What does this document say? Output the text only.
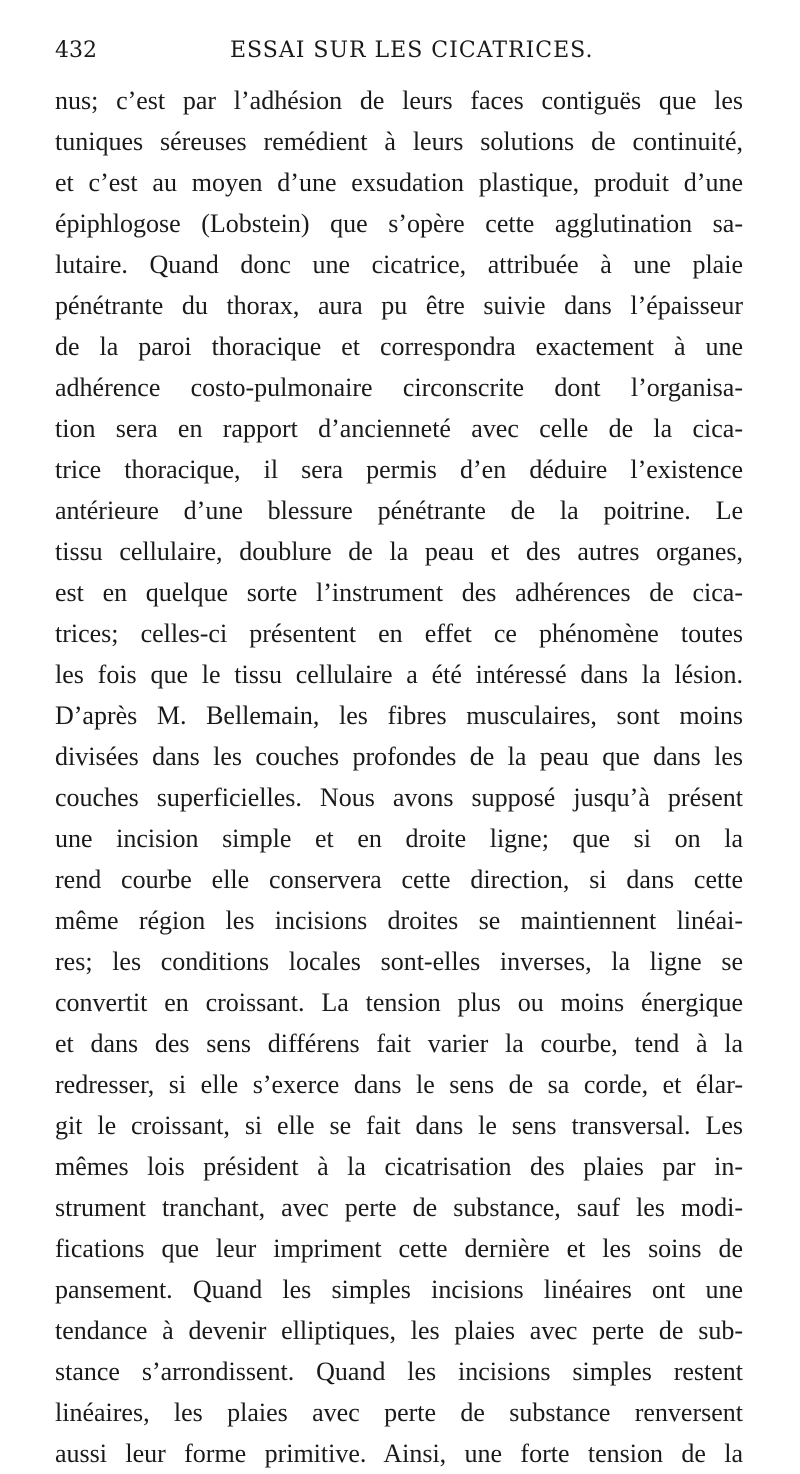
432	ESSAI SUR LES CICATRICES.
nus; c’est par l’adhésion de leurs faces contiguës que les
tuniques séreuses remédient à leurs solutions de continuité,
et c’est au moyen d’une exsudation plastique, produit d’une
épiphlogose (Lobstein) que s’opère cette agglutination sa-
lutaire. Quand donc une cicatrice, attribuée à une plaie
pénétrante du thorax, aura pu être suivie dans l’épaisseur
de la paroi thoracique et correspondra exactement à une
adhérence costo-pulmonaire circonscrite dont l’organisa-
tion sera en rapport d’ancienneté avec celle de la cica-
trice thoracique, il sera permis d’en déduire l’existence
antérieure d’une blessure pénétrante de la poitrine. Le
tissu cellulaire, doublure de la peau et des autres organes,
est en quelque sorte l’instrument des adhérences de cica-
trices; celles-ci présentent en effet ce phénomène toutes
les fois que le tissu cellulaire a été intéressé dans la lésion.
D’après M. Bellemain, les fibres musculaires, sont moins
divisées dans les couches profondes de la peau que dans les
couches superficielles. Nous avons supposé jusqu’à présent
une incision simple et en droite ligne; que si on la
rend courbe elle conservera cette direction, si dans cette
même région les incisions droites se maintiennent linéai-
res; les conditions locales sont-elles inverses, la ligne se
convertit en croissant. La tension plus ou moins énergique
et dans des sens différens fait varier la courbe, tend à la
redresser, si elle s’exerce dans le sens de sa corde, et élar-
git le croissant, si elle se fait dans le sens transversal. Les
mêmes lois président à la cicatrisation des plaies par in-
strument tranchant, avec perte de substance, sauf les modi-
fications que leur impriment cette dernière et les soins de
pansement. Quand les simples incisions linéaires ont une
tendance à devenir elliptiques, les plaies avec perte de sub-
stance s’arrondissent. Quand les incisions simples restent
linéaires, les plaies avec perte de substance renversent
aussi leur forme primitive. Ainsi, une forte tension de la
